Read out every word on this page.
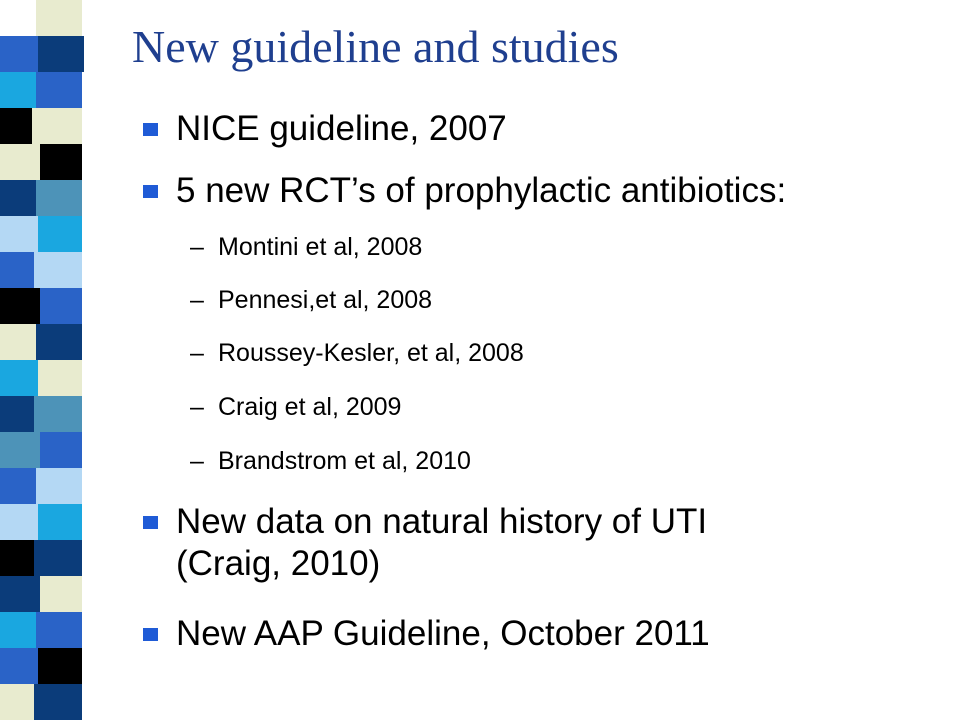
New guideline and studies
NICE guideline, 2007
5 new RCT’s of prophylactic antibiotics:
– Montini et al, 2008
– Pennesi,et al, 2008
– Roussey-Kesler, et al, 2008
– Craig et al, 2009
– Brandstrom et al, 2010
New data on natural history of UTI
(Craig, 2010)
New AAP Guideline, October 2011
